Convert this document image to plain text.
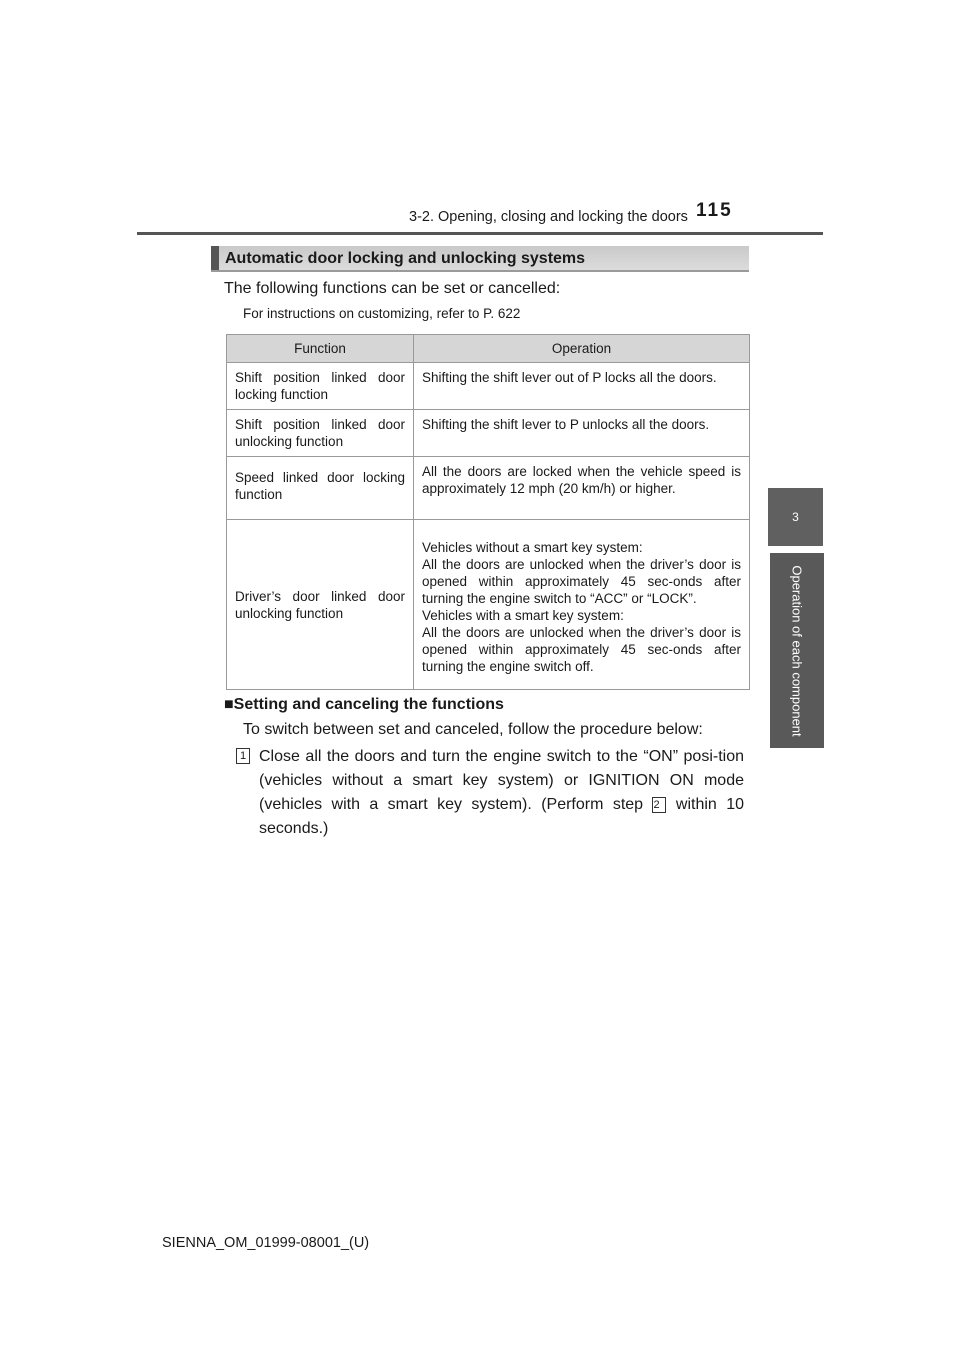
3-2. Opening, closing and locking the doors 115
3
Operation of each component
Automatic door locking and unlocking systems
The following functions can be set or cancelled:
For instructions on customizing, refer to P. 622
Function	Operation
Shift position linked door locking function	Shifting the shift lever out of P locks all the doors.
Shift position linked door unlocking function	Shifting the shift lever to P unlocks all the doors.
Speed linked door locking function	All the doors are locked when the vehicle speed is approximately 12 mph (20 km/h) or higher.
Driver’s door linked door unlocking function	Vehicles without a smart key system:
All the doors are unlocked when the driver’s door is opened within approximately 45 sec-onds after turning the engine switch to “ACC” or “LOCK”.
Vehicles with a smart key system:
All the doors are unlocked when the driver’s door is opened within approximately 45 sec-onds after turning the engine switch off.
■Setting and canceling the functions
To switch between set and canceled, follow the procedure below:
1 Close all the doors and turn the engine switch to the “ON” posi-tion (vehicles without a smart key system) or IGNITION ON mode (vehicles with a smart key system). (Perform step 2 within 10 seconds.)
SIENNA_OM_01999-08001_(U)
